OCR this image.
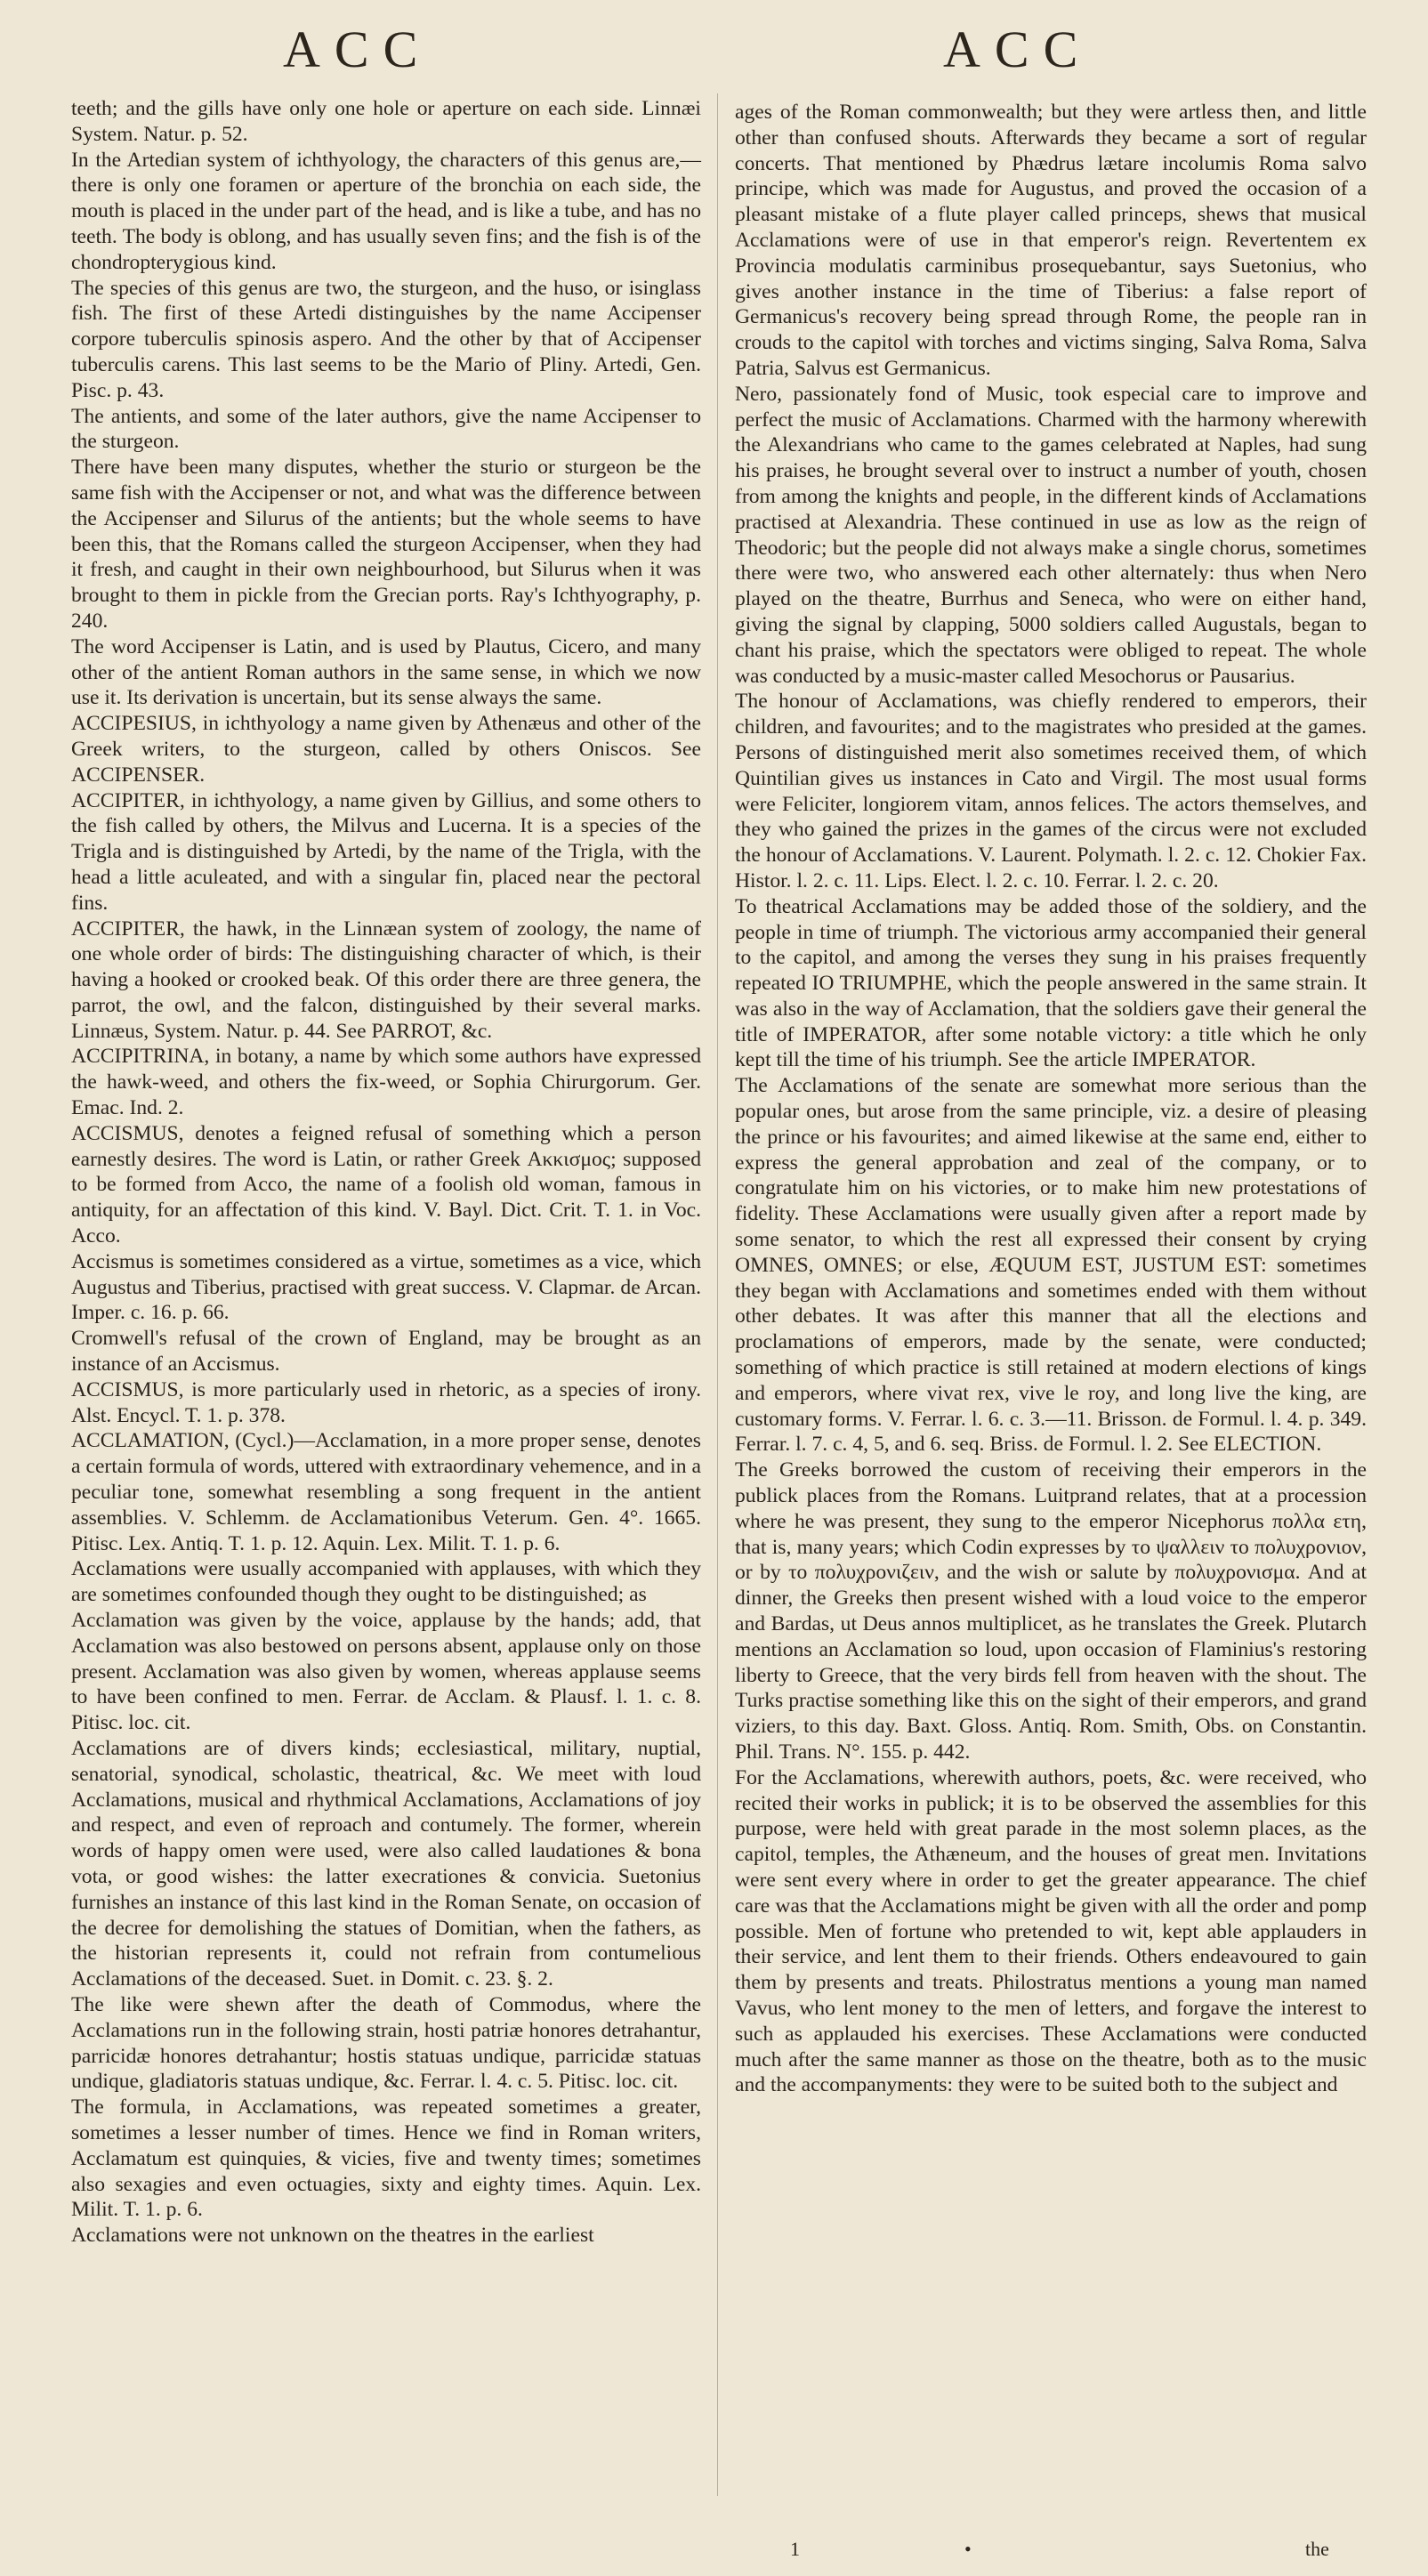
ACC	ACC

teeth; and the gills have only one hole or aperture on each side. Linnæi System. Natur. p. 52.

In the Artedian system of ichthyology, the characters of this genus are,—there is only one foramen or aperture of the bronchia on each side, the mouth is placed in the under part of the head, and is like a tube, and has no teeth. The body is oblong, and has usually seven fins; and the fish is of the chondropterygious kind.

The species of this genus are two, the sturgeon, and the huso, or isinglass fish. The first of these Artedi distinguishes by the name Accipenser corpore tuberculis spinosis aspero. And the other by that of Accipenser tuberculis carens. This last seems to be the Mario of Pliny. Artedi, Gen. Pisc. p. 43.

The antients, and some of the later authors, give the name Accipenser to the sturgeon.

There have been many disputes, whether the sturio or sturgeon be the same fish with the Accipenser or not, and what was the difference between the Accipenser and Silurus of the antients; but the whole seems to have been this, that the Romans called the sturgeon Accipenser, when they had it fresh, and caught in their own neighbourhood, but Silurus when it was brought to them in pickle from the Grecian ports. Ray's Ichthyography, p. 240.

The word Accipenser is Latin, and is used by Plautus, Cicero, and many other of the antient Roman authors in the same sense, in which we now use it. Its derivation is uncertain, but its sense always the same.

ACCIPESIUS, in ichthyology a name given by Athenæus and other of the Greek writers, to the sturgeon, called by others Oniscos. See ACCIPENSER.

ACCIPITER, in ichthyology, a name given by Gillius, and some others to the fish called by others, the Milvus and Lucerna. It is a species of the Trigla and is distinguished by Artedi, by the name of the Trigla, with the head a little aculeated, and with a singular fin, placed near the pectoral fins.

ACCIPITER, the hawk, in the Linnæan system of zoology, the name of one whole order of birds: The distinguishing character of which, is their having a hooked or crooked beak. Of this order there are three genera, the parrot, the owl, and the falcon, distinguished by their several marks. Linnæus, System. Natur. p. 44. See PARROT, &c.

ACCIPITRINA, in botany, a name by which some authors have expressed the hawk-weed, and others the fix-weed, or Sophia Chirurgorum. Ger. Emac. Ind. 2.

ACCISMUS, denotes a feigned refusal of something which a person earnestly desires. The word is Latin, or rather Greek Ακκισμος; supposed to be formed from Acco, the name of a foolish old woman, famous in antiquity, for an affectation of this kind. V. Bayl. Dict. Crit. T. 1. in Voc. Acco.

Accismus is sometimes considered as a virtue, sometimes as a vice, which Augustus and Tiberius, practised with great success. V. Clapmar. de Arcan. Imper. c. 16. p. 66.

Cromwell's refusal of the crown of England, may be brought as an instance of an Accismus.

ACCISMUS, is more particularly used in rhetoric, as a species of irony. Alst. Encycl. T. 1. p. 378.

ACCLAMATION, (Cycl.)—Acclamation, in a more proper sense, denotes a certain formula of words, uttered with extraordinary vehemence, and in a peculiar tone, somewhat resembling a song frequent in the antient assemblies. V. Schlemm. de Acclamationibus Veterum. Gen. 4°. 1665. Pitisc. Lex. Antiq. T. 1. p. 12. Aquin. Lex. Milit. T. 1. p. 6.

Acclamations were usually accompanied with applauses, with which they are sometimes confounded though they ought to be distinguished; as

Acclamation was given by the voice, applause by the hands; add, that Acclamation was also bestowed on persons absent, applause only on those present. Acclamation was also given by women, whereas applause seems to have been confined to men. Ferrar. de Acclam. & Plausf. l. 1. c. 8. Pitisc. loc. cit.

Acclamations are of divers kinds; ecclesiastical, military, nuptial, senatorial, synodical, scholastic, theatrical, &c. We meet with loud Acclamations, musical and rhythmical Acclamations, Acclamations of joy and respect, and even of reproach and contumely. The former, wherein words of happy omen were used, were also called laudationes & bona vota, or good wishes: the latter execrationes & convicia. Suetonius furnishes an instance of this last kind in the Roman Senate, on occasion of the decree for demolishing the statues of Domitian, when the fathers, as the historian represents it, could not refrain from contumelious Acclamations of the deceased. Suet. in Domit. c. 23. §. 2.

The like were shewn after the death of Commodus, where the Acclamations run in the following strain, hosti patriæ honores detrahantur, parricidæ honores detrahantur; hostis statuas undique, parricidæ statuas undique, gladiatoris statuas undique, &c. Ferrar. l. 4. c. 5. Pitisc. loc. cit.

The formula, in Acclamations, was repeated sometimes a greater, sometimes a lesser number of times. Hence we find in Roman writers, Acclamatum est quinquies, & vicies, five and twenty times; sometimes also sexagies and even octuagies, sixty and eighty times. Aquin. Lex. Milit. T. 1. p. 6.

Acclamations were not unknown on the theatres in the earliest

ages of the Roman commonwealth; but they were artless then, and little other than confused shouts. Afterwards they became a sort of regular concerts. That mentioned by Phædrus lætare incolumis Roma salvo principe, which was made for Augustus, and proved the occasion of a pleasant mistake of a flute player called princeps, shews that musical Acclamations were of use in that emperor's reign. Revertentem ex Provincia modulatis carminibus prosequebantur, says Suetonius, who gives another instance in the time of Tiberius: a false report of Germanicus's recovery being spread through Rome, the people ran in crouds to the capitol with torches and victims singing, Salva Roma, Salva Patria, Salvus est Germanicus.

Nero, passionately fond of Music, took especial care to improve and perfect the music of Acclamations. Charmed with the harmony wherewith the Alexandrians who came to the games celebrated at Naples, had sung his praises, he brought several over to instruct a number of youth, chosen from among the knights and people, in the different kinds of Acclamations practised at Alexandria. These continued in use as low as the reign of Theodoric; but the people did not always make a single chorus, sometimes there were two, who answered each other alternately: thus when Nero played on the theatre, Burrhus and Seneca, who were on either hand, giving the signal by clapping, 5000 soldiers called Augustals, began to chant his praise, which the spectators were obliged to repeat. The whole was conducted by a music-master called Mesochorus or Pausarius.

The honour of Acclamations, was chiefly rendered to emperors, their children, and favourites; and to the magistrates who presided at the games. Persons of distinguished merit also sometimes received them, of which Quintilian gives us instances in Cato and Virgil. The most usual forms were Feliciter, longiorem vitam, annos felices. The actors themselves, and they who gained the prizes in the games of the circus were not excluded the honour of Acclamations. V. Laurent. Polymath. l. 2. c. 12. Chokier Fax. Histor. l. 2. c. 11. Lips. Elect. l. 2. c. 10. Ferrar. l. 2. c. 20.

To theatrical Acclamations may be added those of the soldiery, and the people in time of triumph. The victorious army accompanied their general to the capitol, and among the verses they sung in his praises frequently repeated IO TRIUMPHE, which the people answered in the same strain. It was also in the way of Acclamation, that the soldiers gave their general the title of IMPERATOR, after some notable victory: a title which he only kept till the time of his triumph. See the article IMPERATOR.

The Acclamations of the senate are somewhat more serious than the popular ones, but arose from the same principle, viz. a desire of pleasing the prince or his favourites; and aimed likewise at the same end, either to express the general approbation and zeal of the company, or to congratulate him on his victories, or to make him new protestations of fidelity. These Acclamations were usually given after a report made by some senator, to which the rest all expressed their consent by crying OMNES, OMNES; or else, ÆQUUM EST, JUSTUM EST: sometimes they began with Acclamations and sometimes ended with them without other debates. It was after this manner that all the elections and proclamations of emperors, made by the senate, were conducted; something of which practice is still retained at modern elections of kings and emperors, where vivat rex, vive le roy, and long live the king, are customary forms. V. Ferrar. l. 6. c. 3.—11. Brisson. de Formul. l. 4. p. 349. Ferrar. l. 7. c. 4, 5, and 6. seq. Briss. de Formul. l. 2. See ELECTION.

The Greeks borrowed the custom of receiving their emperors in the publick places from the Romans. Luitprand relates, that at a procession where he was present, they sung to the emperor Nicephorus πολλα ετη, that is, many years; which Codin expresses by το ψαλλειν το πολυχρονιον, or by το πολυχρονιζειν, and the wish or salute by πολυχρονισμα. And at dinner, the Greeks then present wished with a loud voice to the emperor and Bardas, ut Deus annos multiplicet, as he translates the Greek. Plutarch mentions an Acclamation so loud, upon occasion of Flaminius's restoring liberty to Greece, that the very birds fell from heaven with the shout. The Turks practise something like this on the sight of their emperors, and grand viziers, to this day. Baxt. Gloss. Antiq. Rom. Smith, Obs. on Constantin. Phil. Trans. N°. 155. p. 442.

For the Acclamations, wherewith authors, poets, &c. were received, who recited their works in publick; it is to be observed the assemblies for this purpose, were held with great parade in the most solemn places, as the capitol, temples, the Athæneum, and the houses of great men. Invitations were sent every where in order to get the greater appearance. The chief care was that the Acclamations might be given with all the order and pomp possible. Men of fortune who pretended to wit, kept able applauders in their service, and lent them to their friends. Others endeavoured to gain them by presents and treats. Philostratus mentions a young man named Vavus, who lent money to the men of letters, and forgave the interest to such as applauded his exercises. These Acclamations were conducted much after the same manner as those on the theatre, both as to the music and the accompanyments: they were to be suited both to the subject and

1	•	the
